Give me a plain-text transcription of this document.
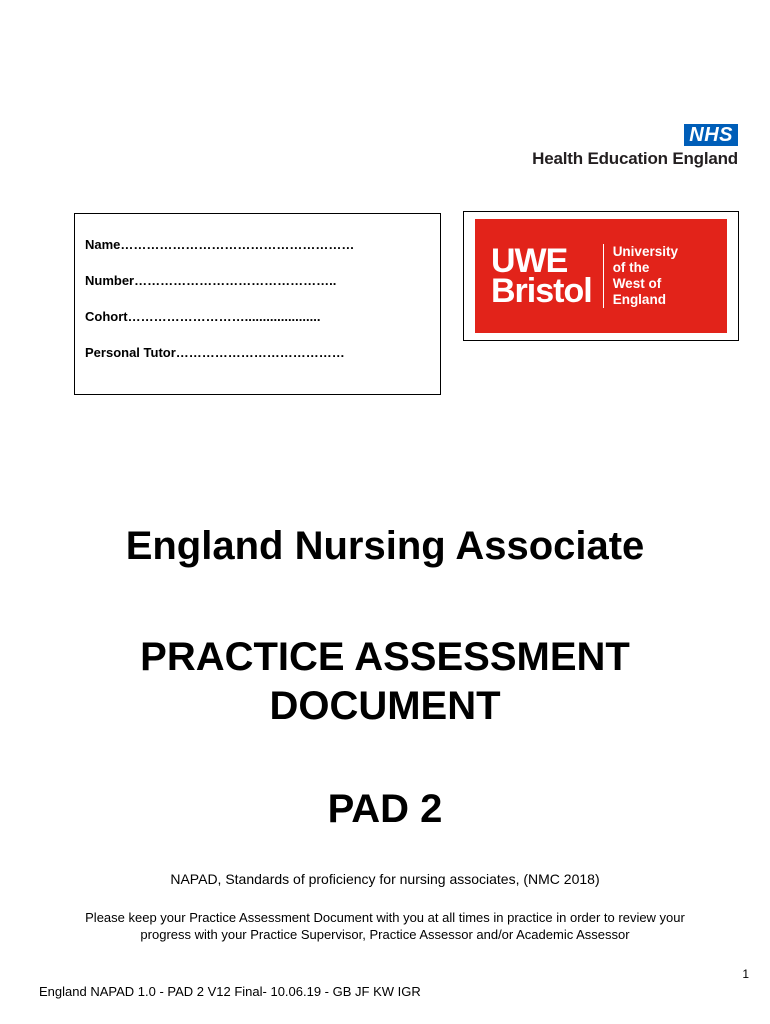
NHS
Health Education England
Name………………………………………………
Number………………………………………..
Cohort……………………….....................
Personal Tutor…………………………………
UWE
Bristol
University
of the
West of
England
England Nursing Associate
PRACTICE ASSESSMENT
DOCUMENT
PAD 2
NAPAD, Standards of proficiency for nursing associates, (NMC 2018)
Please keep your Practice Assessment Document with you at all times in practice in order to review your progress with your Practice Supervisor, Practice Assessor and/or Academic Assessor
1
England NAPAD 1.0 - PAD 2 V12 Final- 10.06.19 - GB JF KW IGR
